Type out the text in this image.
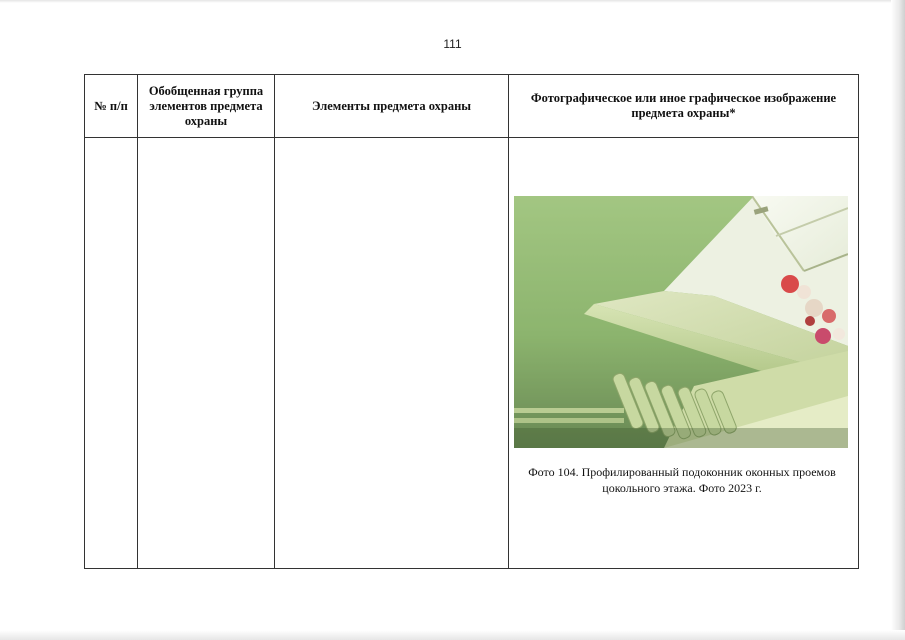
111
№ п/п	Обобщенная группа элементов предмета охраны	Элементы предмета охраны	Фотографическое или иное графическое изображение предмета охраны*

			Фото 104. Профилированный подоконник оконных проемов
цокольного этажа. Фото 2023 г.
